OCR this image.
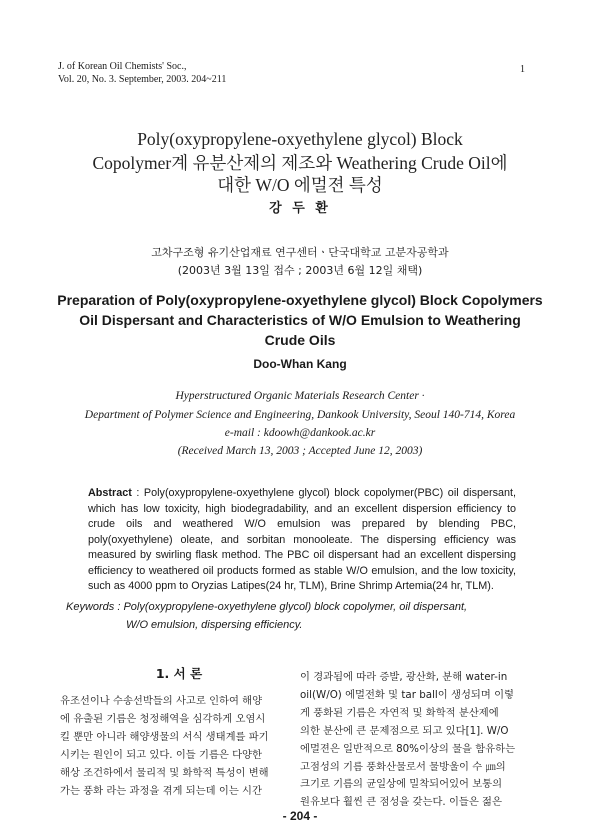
J. of Korean Oil Chemists' Soc.,
Vol. 20, No. 3. September, 2003. 204~211
1
Poly(oxypropylene-oxyethylene glycol) Block
Copolymer계 유분산제의 제조와 Weathering Crude Oil에
대한 W/O 에멀젼 특성
강 두 환
고차구조형 유기산업재료 연구센터ㆍ단국대학교 고분자공학과
(2003년 3월 13일 접수 ; 2003년 6월 12일 채택)
Preparation of Poly(oxypropylene-oxyethylene glycol) Block Copolymers
Oil Dispersant and Characteristics of W/O Emulsion to Weathering
Crude Oils
Doo-Whan Kang
Hyperstructured Organic Materials Research Center ·
Department of Polymer Science and Engineering, Dankook University, Seoul 140-714, Korea
e-mail : kdoowh@dankook.ac.kr
(Received March 13, 2003 ; Accepted June 12, 2003)
Abstract : Poly(oxypropylene-oxyethylene glycol) block copolymer(PBC) oil dispersant, which has low toxicity, high biodegradability, and an excellent dispersion efficiency to crude oils and weathered W/O emulsion was prepared by blending PBC, poly(oxyethylene) oleate, and sorbitan monooleate. The dispersing efficiency was measured by swirling flask method. The PBC oil dispersant had an excellent dispersing efficiency to weathered oil products formed as stable W/O emulsion, and the low toxicity, such as 4000 ppm to Oryzias Latipes(24 hr, TLM), Brine Shrimp Artemia(24 hr, TLM).
Keywords : Poly(oxypropylene-oxyethylene glycol) block copolymer, oil dispersant,
W/O emulsion, dispersing efficiency.
1. 서 론
유조선이나 수송선박들의 사고로 인하여 해양
에 유출된 기름은 청정해역을 심각하게 오염시
킬 뿐만 아니라 해양생물의 서식 생태계를 파기
시키는 원인이 되고 있다. 이들 기름은 다양한
해상 조건하에서 물리적 및 화학적 특성이 변해
가는 풍화 라는 과정을 겪게 되는데 이는 시간
이 경과됨에 따라 증발, 광산화, 분해 water-in
oil(W/O) 에멀전화 및 tar ball이 생성되며 이렇
게 풍화된 기름은 자연적 및 화학적 분산제에
의한 분산에 큰 문제점으로 되고 있다[1]. W/O
에멀젼은 일반적으로 80%이상의 물을 함유하는
고점성의 기름 풍화산물로서 물방울이 수 ㎛의
크기로 기름의 균일상에 밀착되어있어 보통의
원유보다 훨씬 큰 점성을 갖는다. 이들은 젊은
- 204 -
